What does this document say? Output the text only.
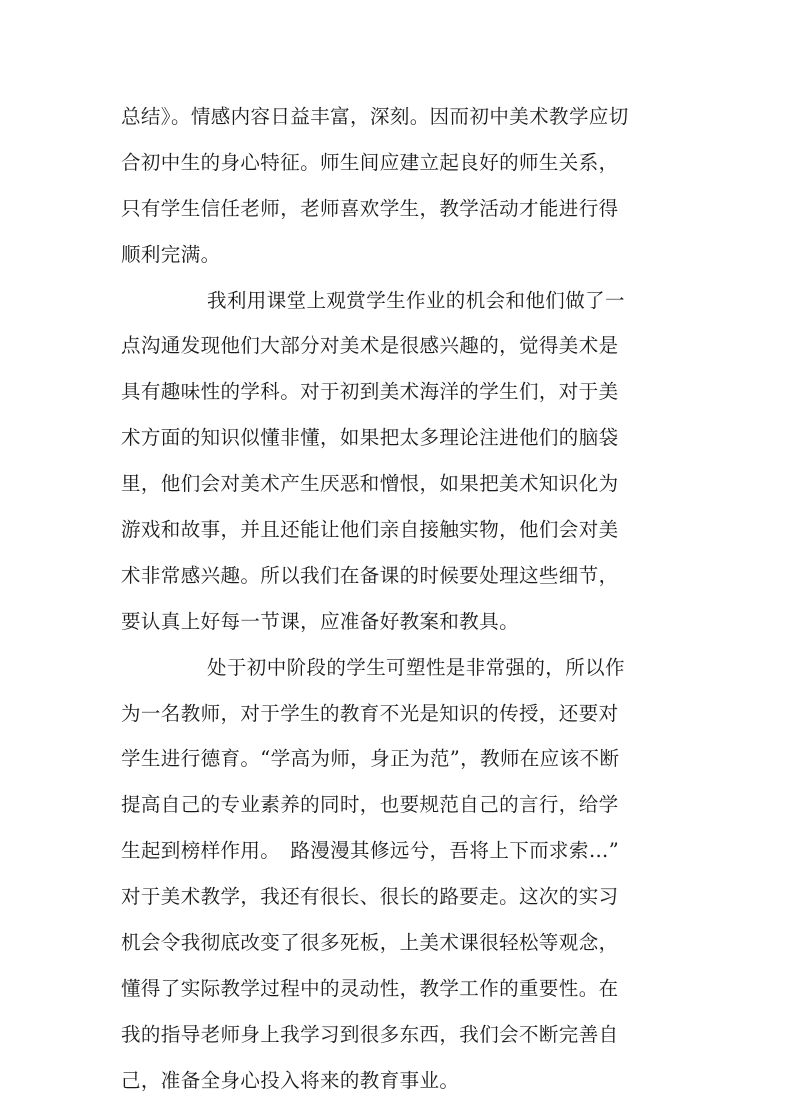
总结》。情感内容日益丰富，深刻。因而初中美术教学应切
合初中生的身心特征。师生间应建立起良好的师生关系，
只有学生信任老师，老师喜欢学生，教学活动才能进行得
顺利完满。
我利用课堂上观赏学生作业的机会和他们做了一
点沟通发现他们大部分对美术是很感兴趣的，觉得美术是
具有趣味性的学科。对于初到美术海洋的学生们，对于美
术方面的知识似懂非懂，如果把太多理论注进他们的脑袋
里，他们会对美术产生厌恶和憎恨，如果把美术知识化为
游戏和故事，并且还能让他们亲自接触实物，他们会对美
术非常感兴趣。所以我们在备课的时候要处理这些细节，
要认真上好每一节课，应准备好教案和教具。
处于初中阶段的学生可塑性是非常强的，所以作
为一名教师，对于学生的教育不光是知识的传授，还要对
学生进行德育。“学高为师，身正为范”，教师在应该不断
提高自己的专业素养的同时，也要规范自己的言行，给学
生起到榜样作用。　路漫漫其修远兮，吾将上下而求索…”
对于美术教学，我还有很长、很长的路要走。这次的实习
机会令我彻底改变了很多死板，上美术课很轻松等观念，
懂得了实际教学过程中的灵动性，教学工作的重要性。在
我的指导老师身上我学习到很多东西，我们会不断完善自
己，准备全身心投入将来的教育事业。
